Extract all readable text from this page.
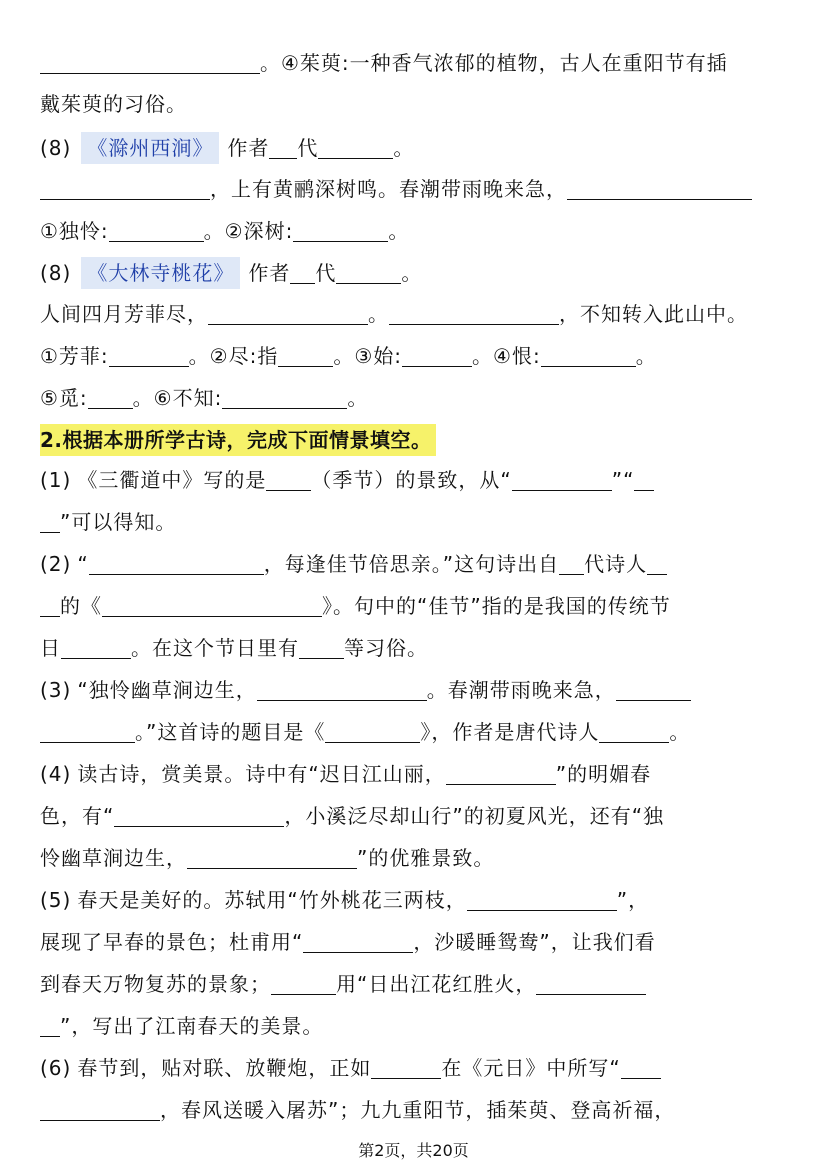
。④茱萸:一种香气浓郁的植物，古人在重阳节有插
戴茱萸的习俗。
(8) 《滁州西涧》 作者 代	。
，上有黄鹂深树鸣。春潮带雨晚来急，
①独怜:	。②深树:	。
(8) 《大林寺桃花》 作者 代	。
人间四月芳菲尽，	。	，不知转入此山中。
①芳菲:	。②尽:指	。③始:	。④恨:	。
⑤觅: 。⑥不知:	。
2.根据本册所学古诗，完成下面情景填空。
(1) 《三衢道中》写的是 （季节）的景致，从“	”“
”可以得知。
(2) “	，每逢佳节倍思亲。”这句诗出自 代诗人
的《	》。句中的“佳节”指的是我国的传统节
日	。在这个节日里有 等习俗。
(3) “独怜幽草涧边生，	。春潮带雨晚来急，
。”这首诗的题目是《	》，作者是唐代诗人	。
(4) 读古诗，赏美景。诗中有“迟日江山丽，	”的明媚春
色，有“	，小溪泛尽却山行”的初夏风光，还有“独
怜幽草涧边生，	”的优雅景致。
(5) 春天是美好的。苏轼用“竹外桃花三两枝，	”，
展现了早春的景色；杜甫用“	，沙暖睡鸳鸯”，让我们看
到春天万物复苏的景象；	用“日出江花红胜火，
”，写出了江南春天的美景。
(6) 春节到，贴对联、放鞭炮，正如	在《元日》中所写“
，春风送暖入屠苏”；九九重阳节，插茱萸、登高祈福，
第2页，共20页
